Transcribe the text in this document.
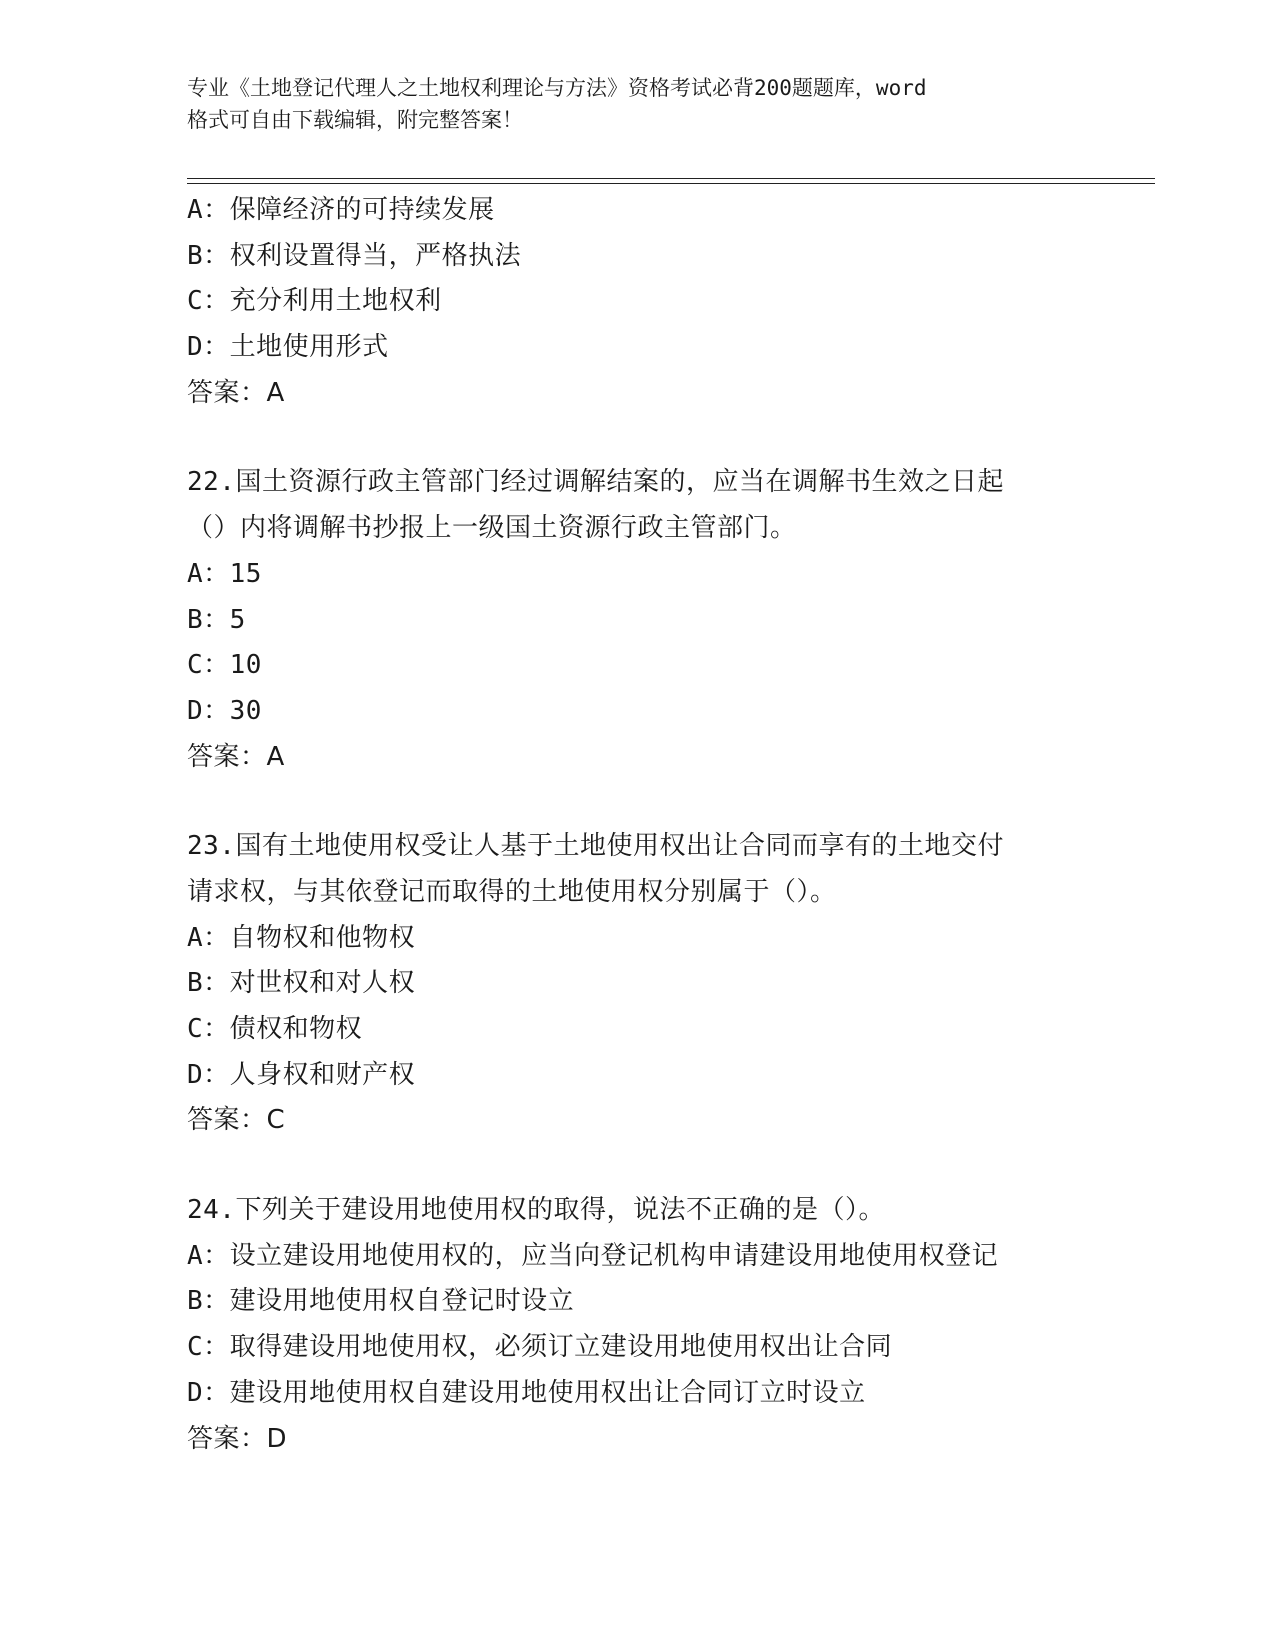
专业《土地登记代理人之土地权利理论与方法》资格考试必背200题题库，word
格式可自由下载编辑，附完整答案！
A：保障经济的可持续发展
B：权利设置得当，严格执法
C：充分利用土地权利
D：土地使用形式
答案：A
22.国土资源行政主管部门经过调解结案的，应当在调解书生效之日起
（）内将调解书抄报上一级国土资源行政主管部门。
A：15
B：5
C：10
D：30
答案：A
23.国有土地使用权受让人基于土地使用权出让合同而享有的土地交付
请求权，与其依登记而取得的土地使用权分别属于（）。
A：自物权和他物权
B：对世权和对人权
C：债权和物权
D：人身权和财产权
答案：C
24.下列关于建设用地使用权的取得，说法不正确的是（）。
A：设立建设用地使用权的，应当向登记机构申请建设用地使用权登记
B：建设用地使用权自登记时设立
C：取得建设用地使用权，必须订立建设用地使用权出让合同
D：建设用地使用权自建设用地使用权出让合同订立时设立
答案：D
